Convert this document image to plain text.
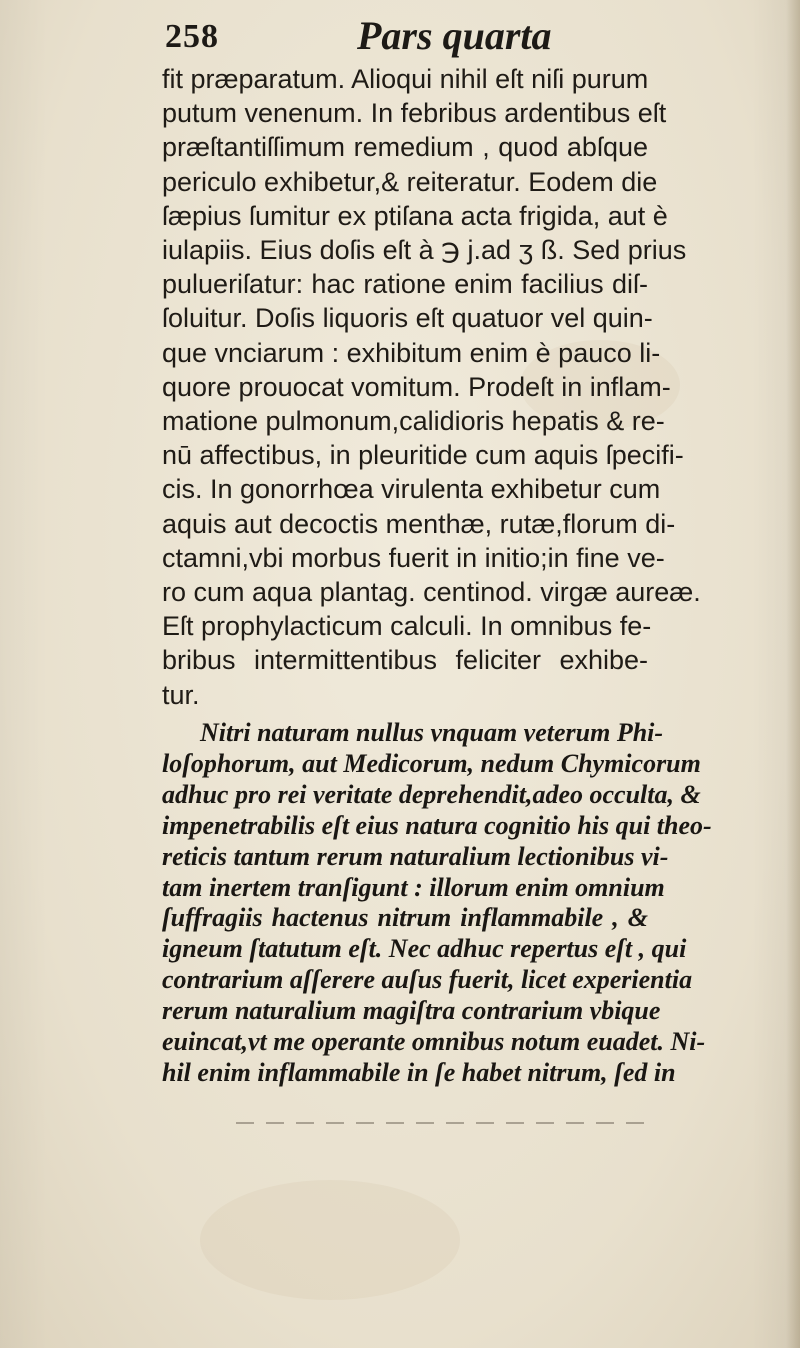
258	Pars quarta
fit præparatum. Alioqui nihil eſt niſi purum
putum venenum. In febribus ardentibus eſt
præſtantiſſimum remedium , quod abſque
periculo exhibetur,& reiteratur. Eodem die
ſæpius ſumitur ex ptiſana acta frigida, aut è
iulapiis. Eius doſis eſt à ℈ j.ad ʒ ß. Sed prius
pulueriſatur: hac ratione enim facilius diſ-
ſoluitur. Doſis liquoris eſt quatuor vel quin-
que vnciarum : exhibitum enim è pauco li-
quore prouocat vomitum. Prodeſt in inflam-
matione pulmonum,calidioris hepatis & re-
nū affectibus, in pleuritide cum aquis ſpecifi-
cis. In gonorrhœa virulenta exhibetur cum
aquis aut decoctis menthæ, rutæ,florum di-
ctamni,vbi morbus fuerit in initio;in fine ve-
ro cum aqua plantag. centinod. virgæ aureæ.
Eſt prophylacticum calculi. In omnibus fe-
bribus intermittentibus feliciter exhibe-
tur.
Nitri naturam nullus vnquam veterum Phi-
loſophorum, aut Medicorum, nedum Chymicorum
adhuc pro rei veritate deprehendit,adeo occulta, &
impenetrabilis eſt eius natura cognitio his qui theo-
reticis tantum rerum naturalium lectionibus vi-
tam inertem tranſigunt : illorum enim omnium
ſuffragiis hactenus nitrum inflammabile , &
igneum ſtatutum eſt. Nec adhuc repertus eſt , qui
contrarium aſſerere auſus fuerit, licet experientia
rerum naturalium magiſtra contrarium vbique
euincat,vt me operante omnibus notum euadet. Ni-
hil enim inflammabile in ſe habet nitrum, ſed in
